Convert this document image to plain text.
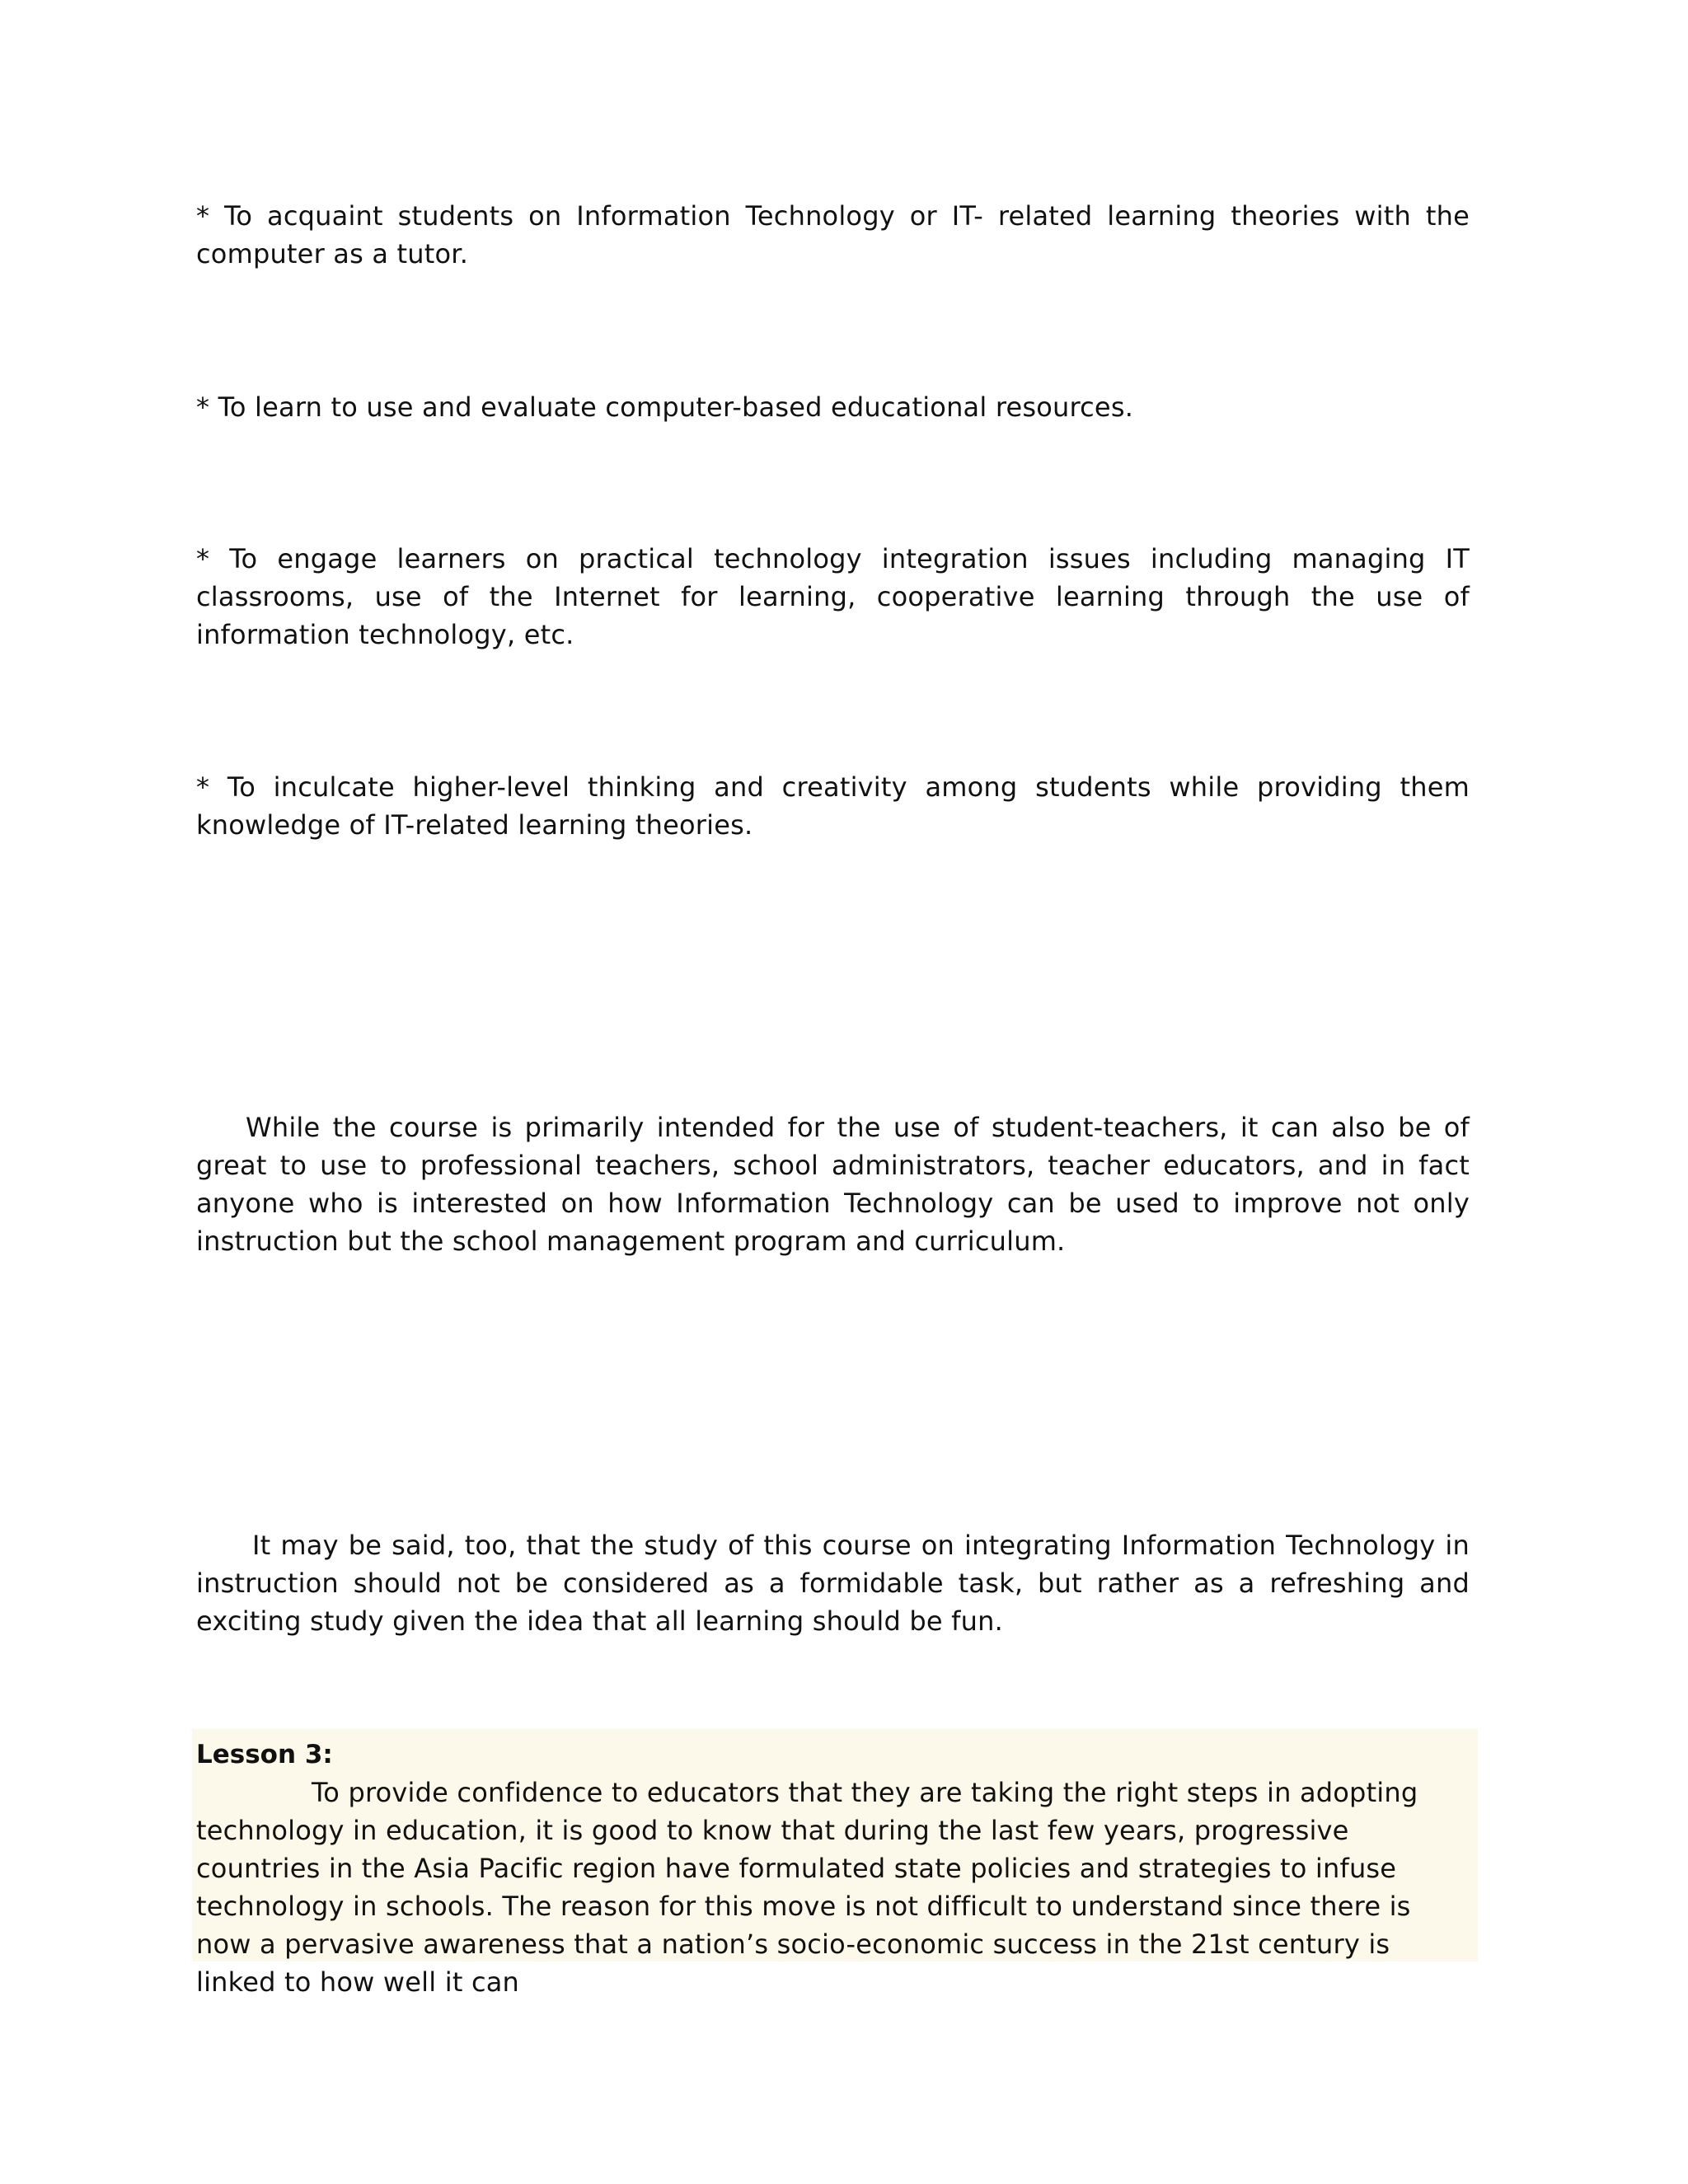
* To acquaint students on Information Technology or IT- related learning theories with the computer as a tutor.

* To learn to use and evaluate computer-based educational resources.

* To engage learners on practical technology integration issues including managing IT classrooms, use of the Internet for learning, cooperative learning through the use of information technology, etc.

* To inculcate higher-level thinking and creativity among students while providing them knowledge of IT-related learning theories.

While the course is primarily intended for the use of student-teachers, it can also be of great to use to professional teachers, school administrators, teacher educators, and in fact anyone who is interested on how Information Technology can be used to improve not only instruction but the school management program and curriculum.

It may be said, too, that the study of this course on integrating Information Technology in instruction should not be considered as a formidable task, but rather as a refreshing and exciting study given the idea that all learning should be fun.

Lesson 3:

To provide confidence to educators that they are taking the right steps in adopting technology in education, it is good to know that during the last few years, progressive countries in the Asia Pacific region have formulated state policies and strategies to infuse technology in schools. The reason for this move is not difficult to understand since there is now a pervasive awareness that a nation’s socio-economic success in the 21st century is linked to how well it can
